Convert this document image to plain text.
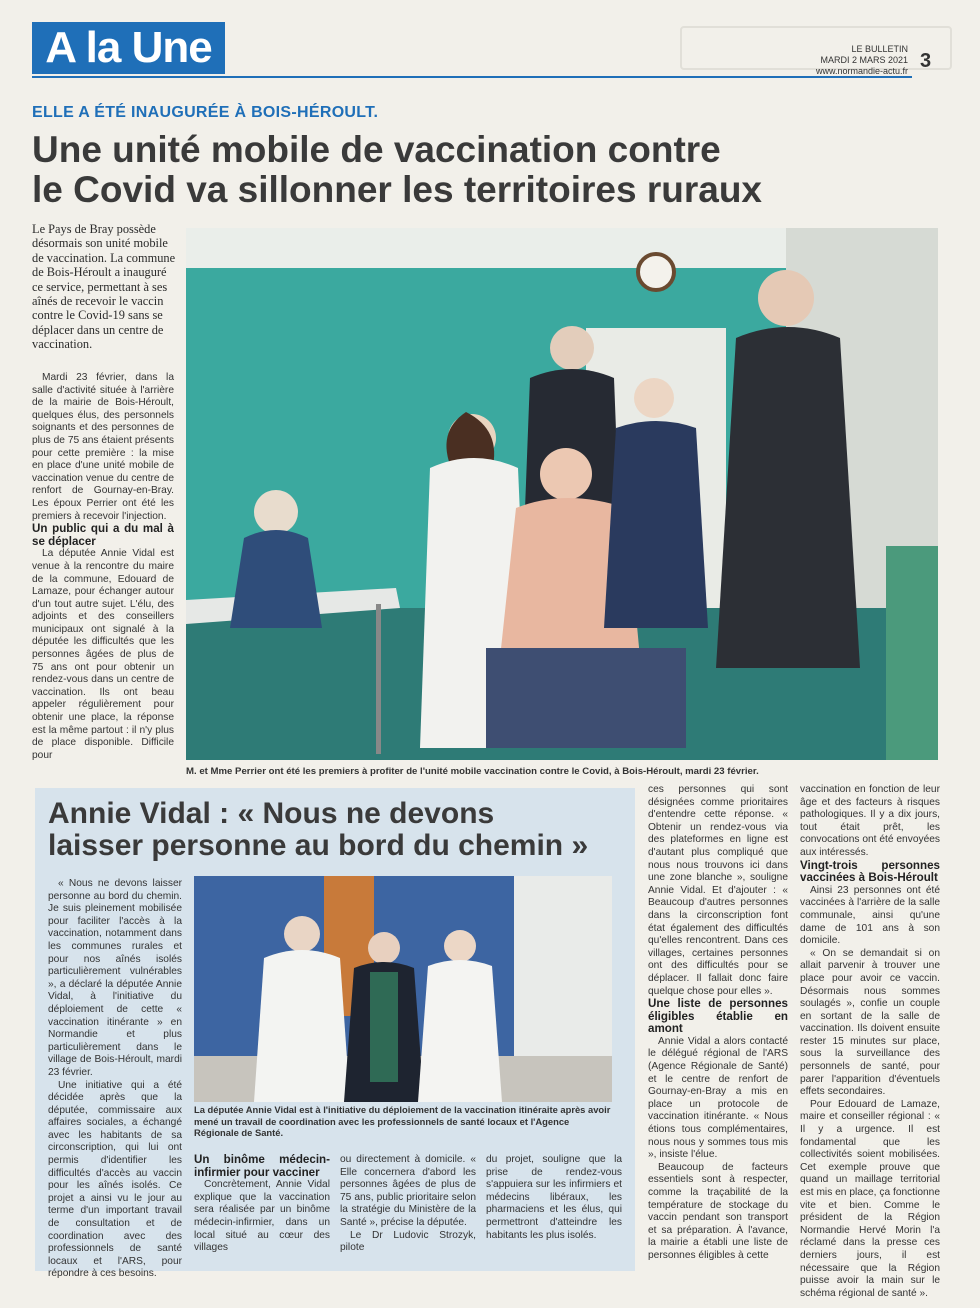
A la Une	LE BULLETIN
MARDI 2 MARS 2021
www.normandie-actu.fr 3
ELLE A ÉTÉ INAUGURÉE À BOIS-HÉROULT.
Une unité mobile de vaccination contre
le Covid va sillonner les territoires ruraux
Le Pays de Bray possède désormais son unité mobile de vaccination. La commune de Bois-Héroult a inauguré ce service, permettant à ses aînés de recevoir le vaccin contre le Covid-19 sans se déplacer dans un centre de vaccination.

Mardi 23 février, dans la salle d'activité située à l'arrière de la mairie de Bois-Héroult, quelques élus, des personnels soignants et des personnes de plus de 75 ans étaient présents pour cette première : la mise en place d'une unité mobile de vaccination venue du centre de renfort de Gournay-en-Bray. Les époux Perrier ont été les premiers à recevoir l'injection.

Un public qui a du mal à se déplacer

La députée Annie Vidal est venue à la rencontre du maire de la commune, Edouard de Lamaze, pour échanger autour d'un tout autre sujet. L'élu, des adjoints et des conseillers municipaux ont signalé à la députée les difficultés que les personnes âgées de plus de 75 ans ont pour obtenir un rendez-vous dans un centre de vaccination. Ils ont beau appeler régulièrement pour obtenir une place, la réponse est la même partout : il n'y plus de place disponible. Difficile pour

M. et Mme Perrier ont été les premiers à profiter de l'unité mobile vaccination contre le Covid, à Bois-Héroult, mardi 23 février.
Annie Vidal : « Nous ne devons
laisser personne au bord du chemin »

« Nous ne devons laisser personne au bord du chemin. Je suis pleinement mobilisée pour faciliter l'accès à la vaccination, notamment dans les communes rurales et pour nos aînés isolés particulièrement vulnérables », a déclaré la députée Annie Vidal, à l'initiative du déploiement de cette « vaccination itinérante » en Normandie et plus particulièrement dans le village de Bois-Héroult, mardi 23 février.

Une initiative qui a été décidée après que la députée, commissaire aux affaires sociales, a échangé avec les habitants de sa circonscription, qui lui ont permis d'identifier les difficultés d'accès au vaccin pour les aînés isolés. Ce projet a ainsi vu le jour au terme d'un important travail de consultation et de coordination avec des professionnels de santé locaux et l'ARS, pour répondre à ces besoins.

La députée Annie Vidal est à l'initiative du déploiement de la vaccination itinéraite après avoir mené un travail de coordination avec les professionnels de santé locaux et l'Agence Régionale de Santé.

Un binôme médecin-infirmier pour vacciner

Concrètement, Annie Vidal explique que la vaccination sera réalisée par un binôme médecin-infirmier, dans un local situé au cœur des villages

ou directement à domicile. « Elle concernera d'abord les personnes âgées de plus de 75 ans, public prioritaire selon la stratégie du Ministère de la Santé », précise la députée.

Le Dr Ludovic Strozyk, pilote

du projet, souligne que la prise de rendez-vous s'appuiera sur les infirmiers et médecins libéraux, les pharmaciens et les élus, qui permettront d'atteindre les habitants les plus isolés.

ces personnes qui sont désignées comme prioritaires d'entendre cette réponse. « Obtenir un rendez-vous via des plateformes en ligne est d'autant plus compliqué que nous nous trouvons ici dans une zone blanche », souligne Annie Vidal. Et d'ajouter : « Beaucoup d'autres personnes dans la circonscription font état également des difficultés qu'elles rencontrent. Dans ces villages, certaines personnes ont des difficultés pour se déplacer. Il fallait donc faire quelque chose pour elles ».

Une liste de personnes éligibles établie en amont

Annie Vidal a alors contacté le délégué régional de l'ARS (Agence Régionale de Santé) et le centre de renfort de Gournay-en-Bray a mis en place un protocole de vaccination itinérante. « Nous étions tous complémentaires, nous nous y sommes tous mis », insiste l'élue.

Beaucoup de facteurs essentiels sont à respecter, comme la traçabilité de la température de stockage du vaccin pendant son transport et sa préparation. À l'avance, la mairie a établi une liste de personnes éligibles à cette

vaccination en fonction de leur âge et des facteurs à risques pathologiques. Il y a dix jours, tout était prêt, les convocations ont été envoyées aux intéressés.

Vingt-trois personnes vaccinées à Bois-Héroult

Ainsi 23 personnes ont été vaccinées à l'arrière de la salle communale, ainsi qu'une dame de 101 ans à son domicile.

« On se demandait si on allait parvenir à trouver une place pour avoir ce vaccin. Désormais nous sommes soulagés », confie un couple en sortant de la salle de vaccination. Ils doivent ensuite rester 15 minutes sur place, sous la surveillance des personnels de santé, pour parer l'apparition d'éventuels effets secondaires.

Pour Edouard de Lamaze, maire et conseiller régional : « Il y a urgence. Il est fondamental que les collectivités soient mobilisées. Cet exemple prouve que quand un maillage territorial est mis en place, ça fonctionne vite et bien. Comme le président de la Région Normandie Hervé Morin l'a réclamé dans la presse ces derniers jours, il est nécessaire que la Région puisse avoir la main sur le schéma régional de santé ».
